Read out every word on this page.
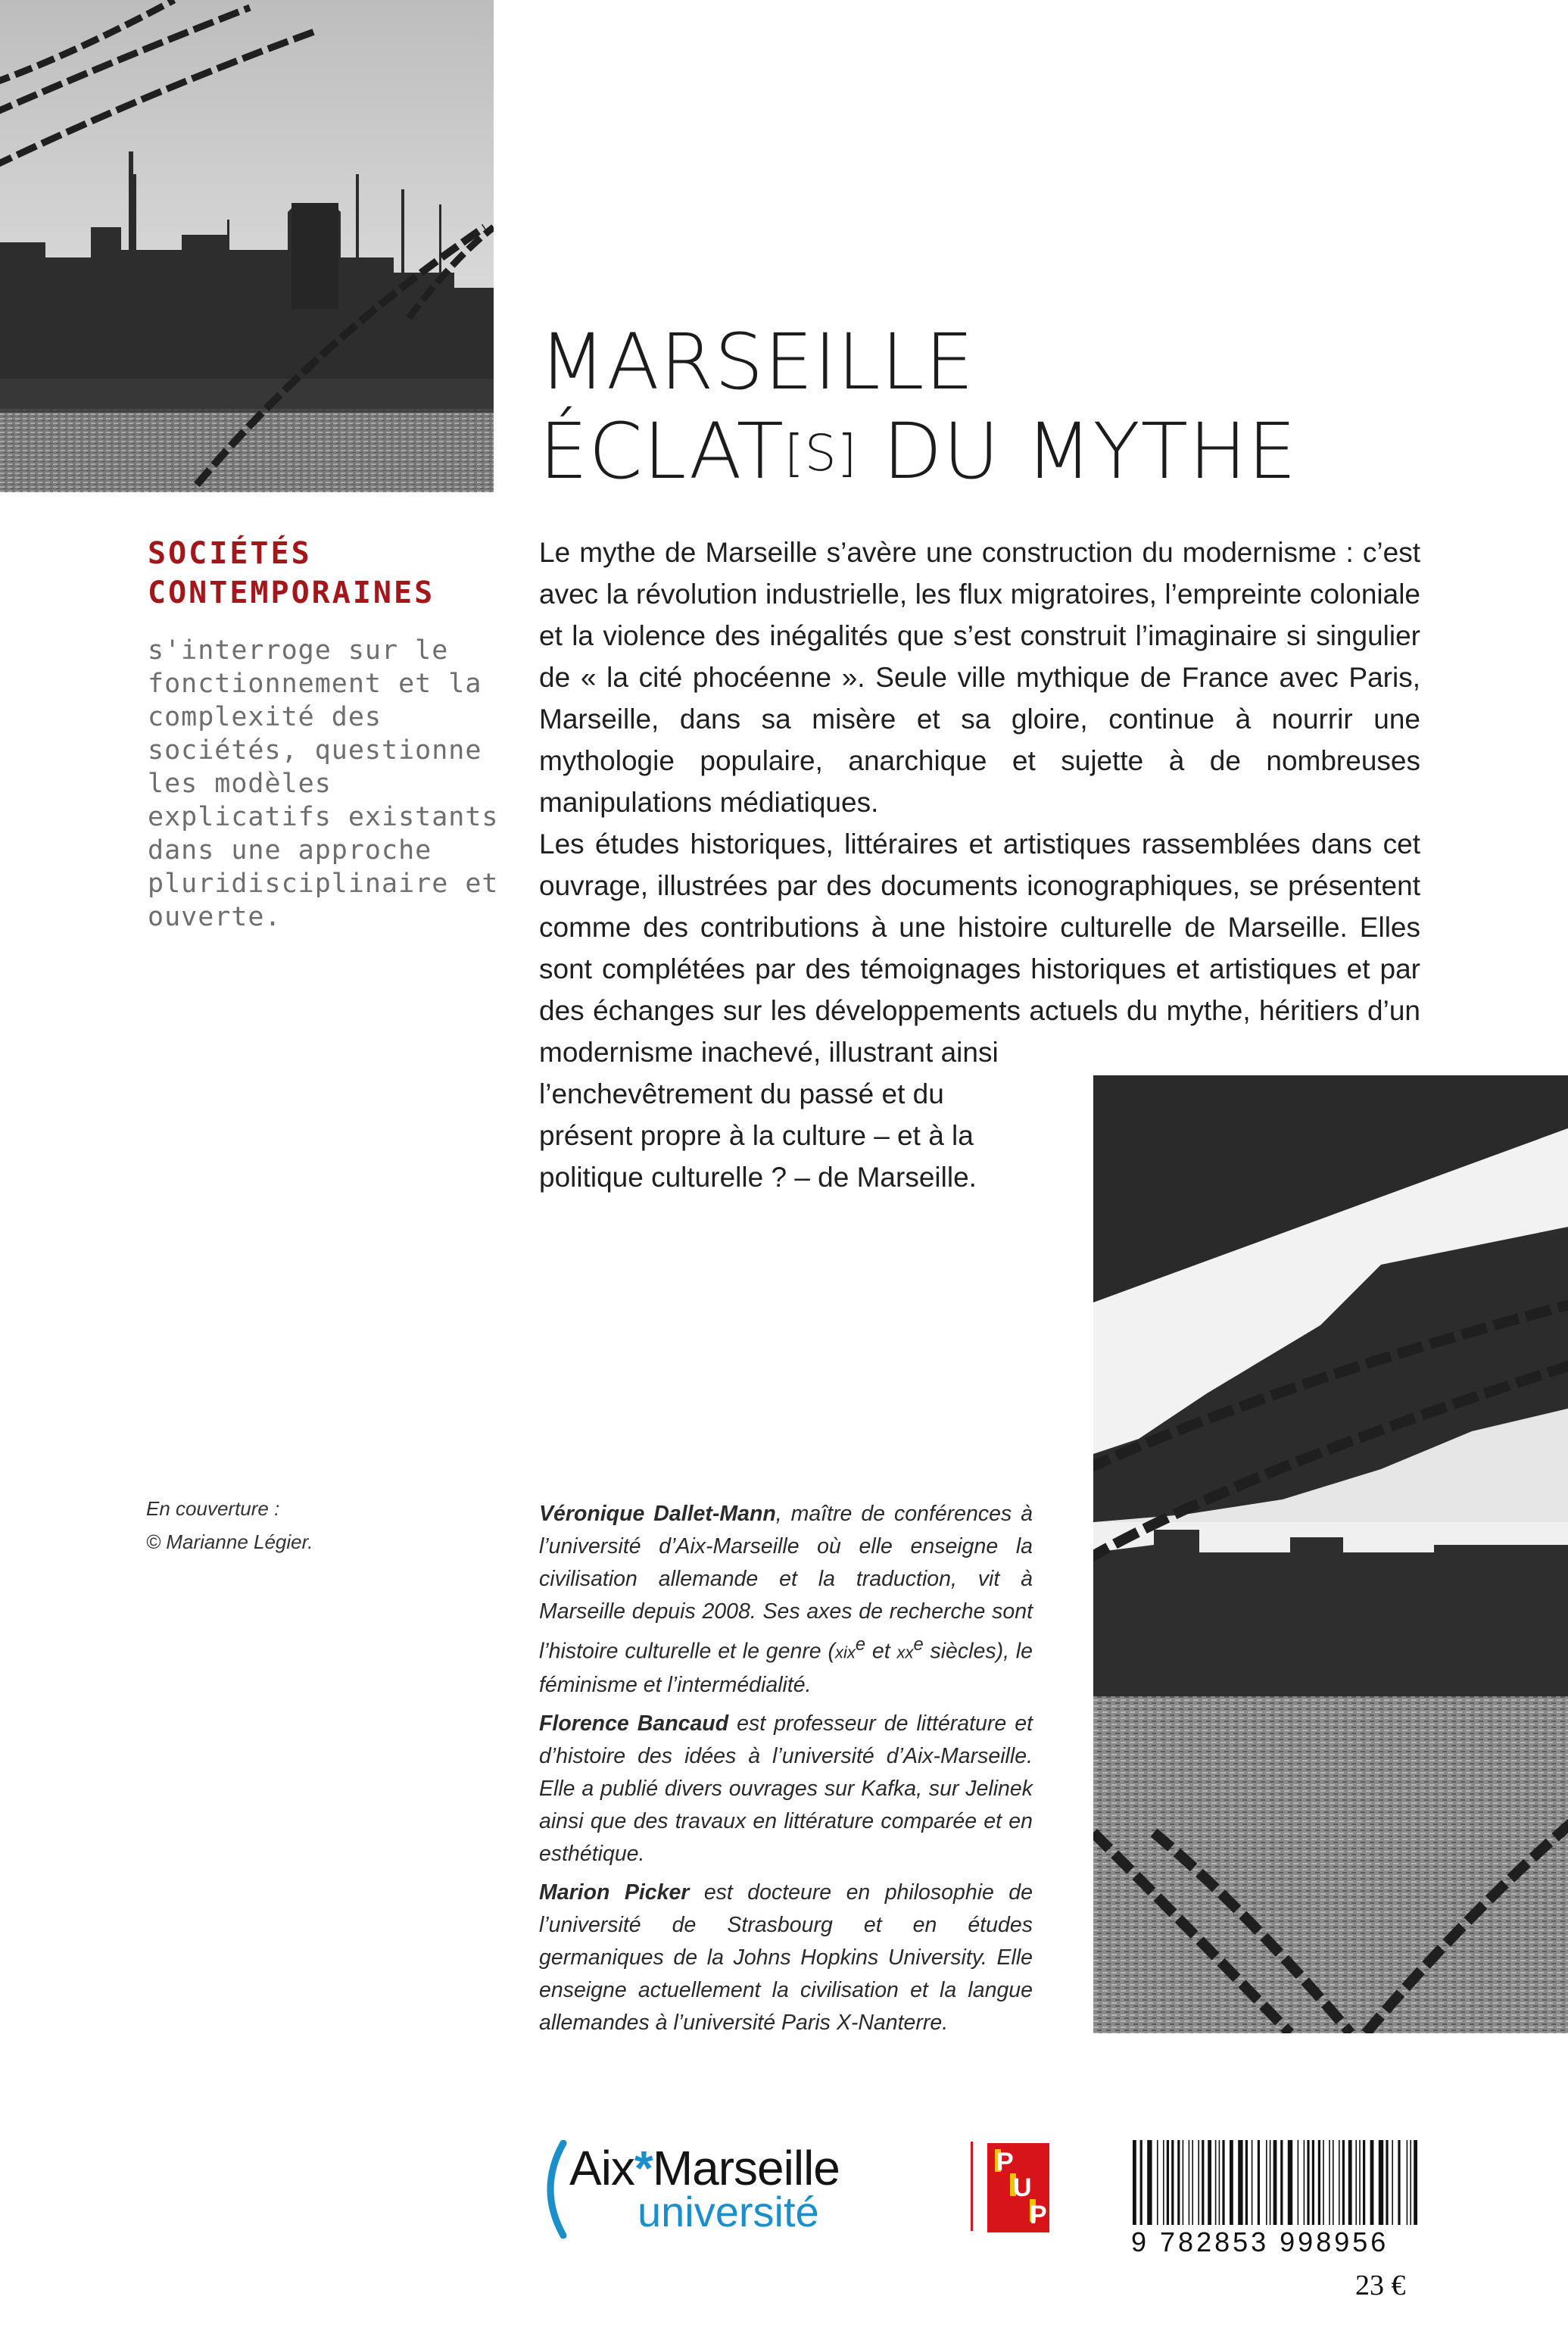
MARSEILLE
ÉCLAT[S] DU MYTHE
SOCIÉTÉS
CONTEMPORAINES
s'interroge sur le fonctionnement et la complexité des sociétés, questionne les modèles explicatifs existants dans une approche pluridisciplinaire et ouverte.

Le mythe de Marseille s’avère une construction du modernisme : c’est avec la révolution industrielle, les flux migratoires, l’empreinte coloniale et la violence des inégalités que s’est construit l’imaginaire si singulier de « la cité phocéenne ». Seule ville mythique de France avec Paris, Marseille, dans sa misère et sa gloire, continue à nourrir une mythologie populaire, anarchique et sujette à de nombreuses manipulations médiatiques.

Les études historiques, littéraires et artistiques rassemblées dans cet ouvrage, illustrées par des documents iconographiques, se présentent comme des contributions à une histoire culturelle de Marseille. Elles sont complétées par des témoignages historiques et artistiques et par des échanges sur les développements actuels du mythe, héritiers d’un modernisme inachevé, illustrant ainsi

l’enchevêtrement du passé et du présent propre à la culture – et à la politique culturelle ? – de Marseille.

En couverture :
© Marianne Légier.

Véronique Dallet-Mann, maître de conférences à l’université d’Aix-Marseille où elle enseigne la civilisation allemande et la traduction, vit à Marseille depuis 2008. Ses axes de recherche sont l’histoire culturelle et le genre (xix$^e$ et $xx^e$ siècles), le féminisme et l’intermédialité.

Florence Bancaud est professeur de littérature et d’histoire des idées à l’université d’Aix-Marseille. Elle a publié divers ouvrages sur Kafka, sur Jelinek ainsi que des travaux en littérature comparée et en esthétique.

Marion Picker est docteure en philosophie de l’université de Strasbourg et en études germaniques de la Johns Hopkins University. Elle enseigne actuellement la civilisation et la langue allemandes à l’université Paris X-Nanterre.

Aix*Marseille
université
P
U
P
9 782853 998956
23 €
